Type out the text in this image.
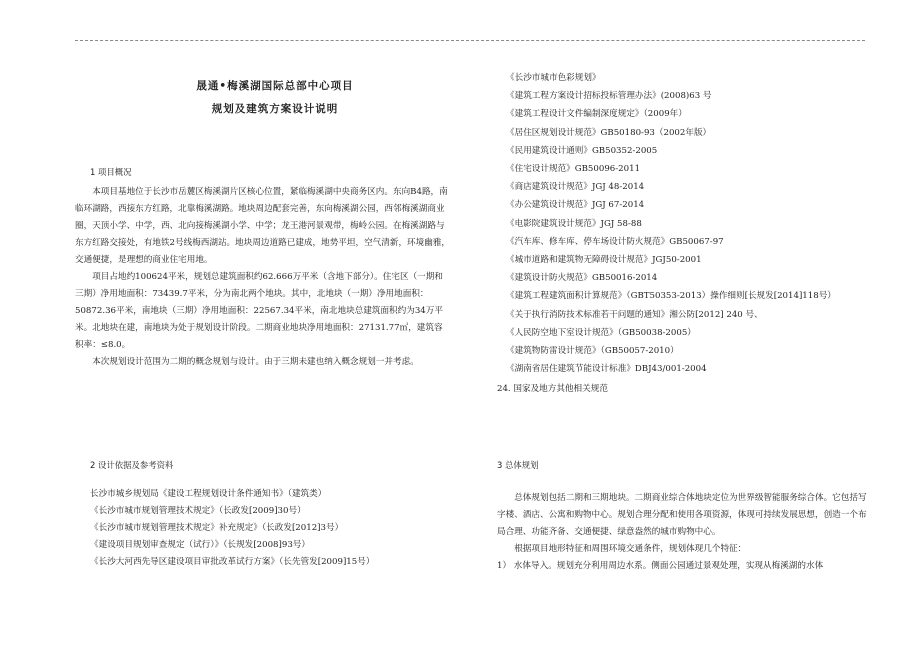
晟通•梅溪湖国际总部中心项目
规划及建筑方案设计说明
1 项目概况

本项目基地位于长沙市岳麓区梅溪湖片区核心位置，紧临梅溪湖中央商务区内。东向B4路，南临环湖路，西接东方红路，北靠梅溪湖路。地块周边配套完善，东向梅溪湖公园，西邻梅溪湖商业圈，天顶小学、中学，西、北向接梅溪湖小学、中学；龙王港河景观带，梅岭公园。在梅溪湖路与东方红路交接处，有地铁2号线梅西湖站。地块周边道路已建成，地势平坦，空气清新，环境幽雅，交通便捷，是理想的商业住宅用地。

项目占地约100624平米，规划总建筑面积约62.666万平米（含地下部分）。住宅区（一期和三期）净用地面积：73439.7平米，分为南北两个地块。其中，北地块（一期）净用地面积：50872.36平米，南地块（三期）净用地面积：22567.34平米，南北地块总建筑面积约为34万平米。北地块在建，南地块为处于规划设计阶段。二期商业地块净用地面积：27131.77㎡，建筑容积率：≤8.0。

本次规划设计范围为二期的概念规划与设计。由于三期未建也纳入概念规划一并考虑。

2 设计依据及参考资料

长沙市城乡规划局《建设工程规划设计条件通知书》（建筑类）

《长沙市城市规划管理技术规定》（长政发[2009]30号）

《长沙市城市规划管理技术规定》补充规定》（长政发[2012]3号）

《建设项目规划审查规定（试行）》（长规发[2008]93号）

《长沙大河西先导区建设项目审批改革试行方案》（长先管发[2009]15号）

《长沙市城市色彩规划》

《建筑工程方案设计招标投标管理办法》(2008)63 号

《建筑工程设计文件编制深度规定》（2009年）

《居住区规划设计规范》GB50180-93（2002年版）

《民用建筑设计通则》GB50352-2005

《住宅设计规范》GB50096-2011

《商店建筑设计规范》JGJ 48-2014

《办公建筑设计规范》JGJ 67-2014

《电影院建筑设计规范》JGJ 58-88

《汽车库、修车库、停车场设计防火规范》GB50067-97

《城市道路和建筑物无障碍设计规范》JGJ50-2001

《建筑设计防火规范》GB50016-2014

《建筑工程建筑面积计算规范》（GBT50353-2013）操作细则[长规发[2014]118号）

《关于执行消防技术标准若干问题的通知》湘公防[2012] 240 号、

《人民防空地下室设计规范》（GB50038-2005）

《建筑物防雷设计规范》（GB50057-2010）

《湖南省居住建筑节能设计标准》DBJ43/001-2004

24. 国家及地方其他相关规范
3 总体规划

总体规划包括二期和三期地块。二期商业综合体地块定位为世界级智能服务综合体。它包括写字楼、酒店、公寓和购物中心。规划合理分配和使用各项资源，体现可持续发展思想，创造一个布局合理、功能齐备、交通便捷、绿意盎然的城市购物中心。

根据项目地形特征和周围环境交通条件，规划体现几个特征：

1） 水体导入。规划充分利用周边水系。侧面公园通过景观处理，实现从梅溪湖的水体
